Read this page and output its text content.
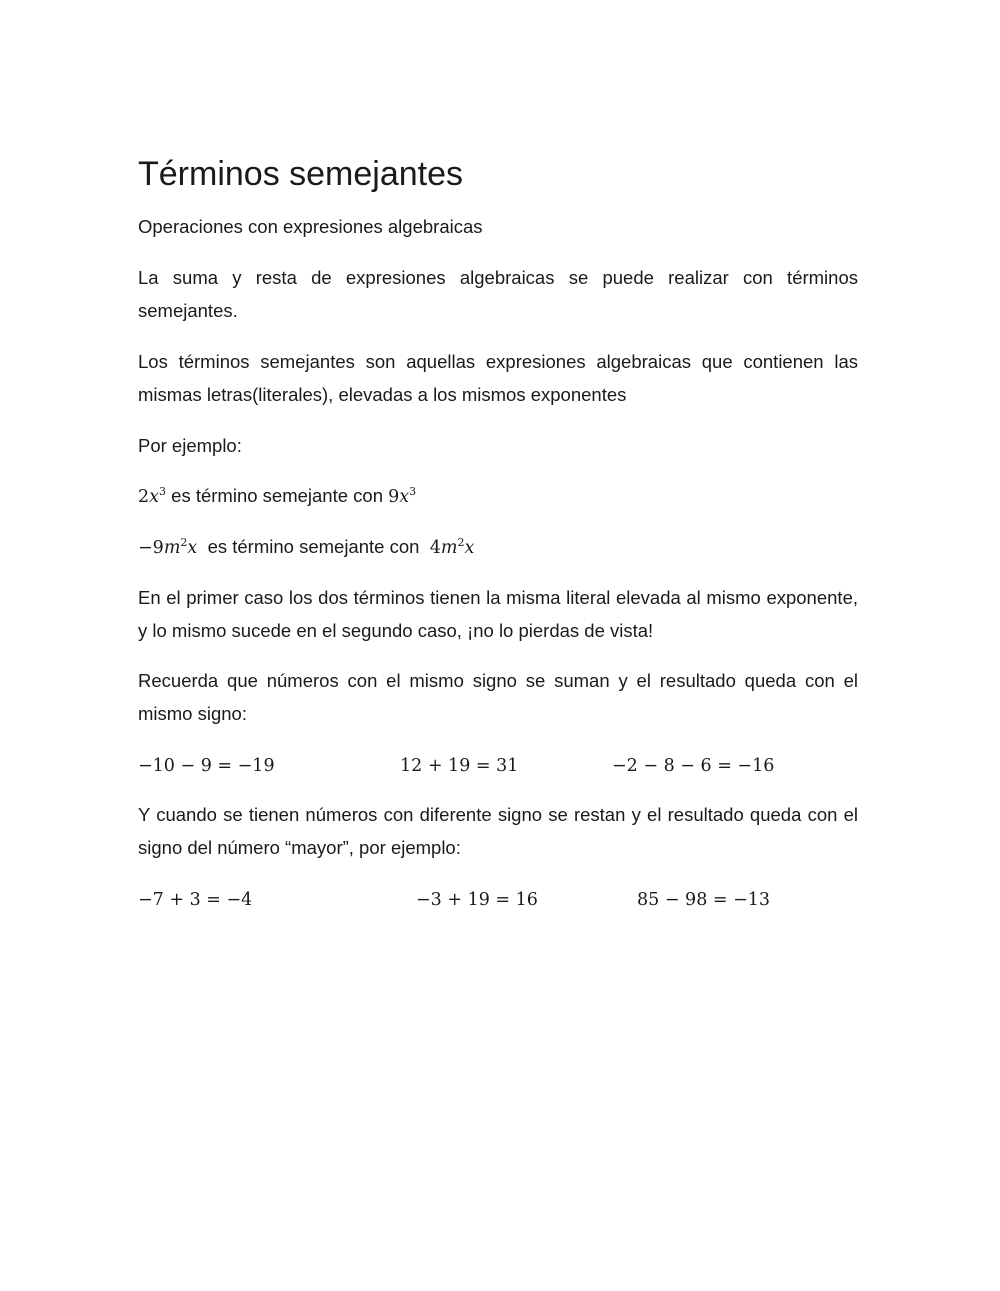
Términos semejantes

Operaciones con expresiones algebraicas

La suma y resta de expresiones algebraicas se puede realizar con términos semejantes.

Los términos semejantes son aquellas expresiones algebraicas que contienen las mismas letras(literales), elevadas a los mismos exponentes

Por ejemplo:

$2x^3$ es término semejante con $9x^3$

$-9m^2x$  es término semejante con  $4m^2x$

En el primer caso los dos términos tienen la misma literal elevada al mismo exponente, y lo mismo sucede en el segundo caso, ¡no lo pierdas de vista!

Recuerda que números con el mismo signo se suman y el resultado queda con el mismo signo:

−10 − 9 = −19	12 + 19 = 31	−2 − 8 − 6 = −16

Y cuando se tienen números con diferente signo se restan y el resultado queda con el signo del número “mayor”, por ejemplo:

−7 + 3 = −4	−3 + 19 = 16	85 − 98 = −13
